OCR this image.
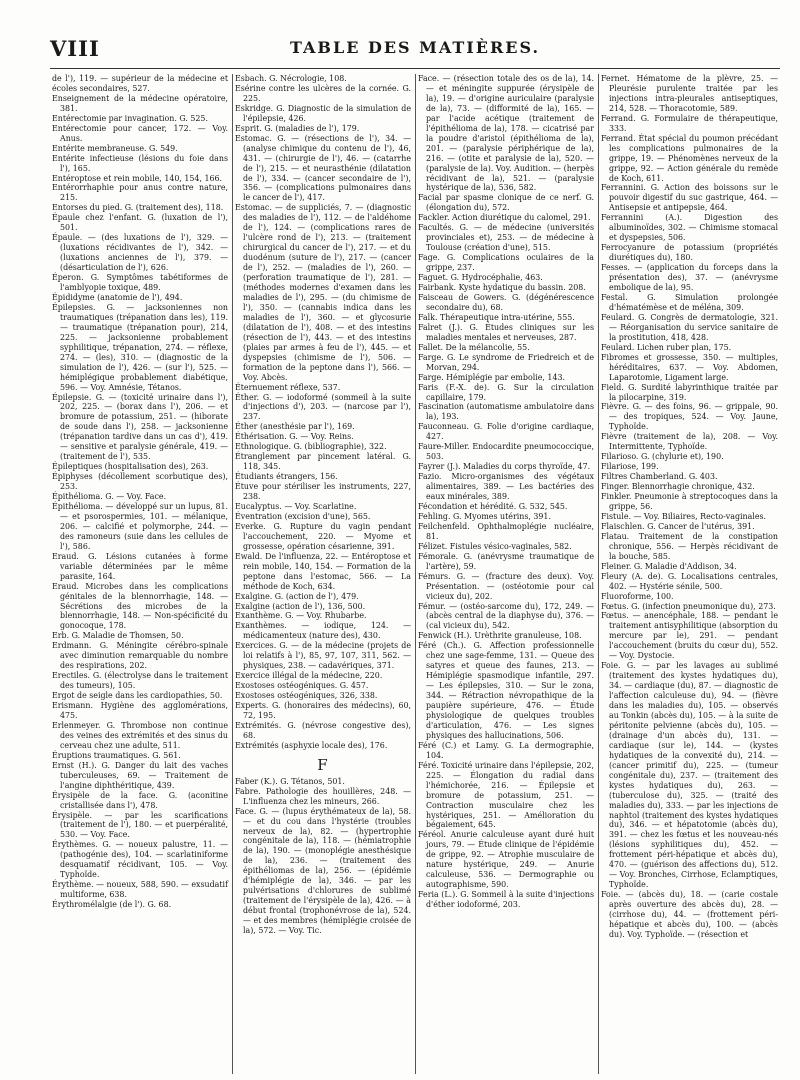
VIII	TABLE DES MATIÈRES.

de l'), 119. — supérieur de la médecine et écoles secondaires, 527.

Enseignement de la médecine opératoire, 381.

Entérectomie par invagination. G. 525.

Entérectomie pour cancer, 172. — Voy. Anus.

Entérite membraneuse. G. 549.

Entérite infectieuse (lésions du foie dans l'), 165.

Entéroptose et rein mobile, 140, 154, 166.

Entérorrhaphie pour anus contre nature, 215.

Entorses du pied. G. (traitement des), 118.

Épaule chez l'enfant. G. (luxation de l'), 501.

Épaule. — (des luxations de l'), 329. — (luxations récidivantes de l'), 342. — (luxations anciennes de l'), 379. — (désarticulation de l'), 626.

Éperon. G. Symptômes tabétiformes de l'amblyopie toxique, 489.

Épididyme (anatomie de l'), 494.

Épilepsies. G. — jacksoniennes non traumatiques (trépanation dans les), 119. — traumatique (trépanation pour), 214, 225. — jacksonienne probablement syphilitique, trépanation, 274. — réflexe, 274. — (les), 310. — (diagnostic de la simulation de l'), 426. — (sur l'), 525. — hémiplégique probablement diabétique, 596. — Voy. Amnésie, Tétanos.

Épilepsie. G. — (toxicité urinaire dans l'), 202, 225. — (borax dans l'), 206. — et bromure de potassium, 251. — (hiborate de soude dans l'), 258. — jacksonienne (trépanation tardive dans un cas d'), 419. — sensitive et paralysie générale, 419. — (traitement de l'), 535.

Épileptiques (hospitalisation des), 263.

Épiphyses (décollement scorbutique des), 253.

Épithélioma. G. — Voy. Face.

Épithélioma. — développé sur un lupus, 81. — et psorospermies, 101. — mélanique, 206. — calcifié et polymorphe, 244. — des ramoneurs (suie dans les cellules de l'), 586.

Eraud. G. Lésions cutanées à forme variable déterminées par le même parasite, 164.

Eraud. Microbes dans les complications génitales de la blennorrhagie, 148. — Sécrétions des microbes de la blennorrhagie, 148. — Non-spécificité du gonocoque, 178.

Erb. G. Maladie de Thomsen, 50.

Erdmann. G. Méningite cérébro-spinale avec diminution remarquable du nombre des respirations, 202.

Erectiles. G. (électrolyse dans le traitement des tumeurs), 105.

Ergot de seigle dans les cardiopathies, 50.

Erismann. Hygiène des agglomérations, 475.

Erlenmeyer. G. Thrombose non continue des veines des extrémités et des sinus du cerveau chez une adulte, 511.

Éruptions traumatiques. G. 561.

Ernst (H.). G. Danger du lait des vaches tuberculeuses, 69. — Traitement de l'angine diphthéritique, 439.

Érysipèle de la face. G. (aconitine cristallisée dans l'), 478.

Érysipèle. — par les scarifications (traitement de l'), 180. — et puerpéralité, 530. — Voy. Face.

Érythèmes. G. — noueux palustre, 11. — (pathogénie des), 104. — scarlatiniforme desquamatif récidivant, 105. — Voy. Typhoïde.

Érythème. — noueux, 588, 590. — exsudatif multiforme, 638.

Érythromélalgie (de l'). G. 68.

Esbach. G. Nécrologie, 108.

Esérine contre les ulcères de la cornée. G. 225.

Eskridge. G. Diagnostic de la simulation de l'épilepsie, 426.

Esprit. G. (maladies de l'), 179.

Estomac. G. — (résections de l'), 34. — (analyse chimique du contenu de l'), 46, 431. — (chirurgie de l'), 46. — (catarrhe de l'), 215. — et neurasthénie (dilatation de l'), 334. — (cancer secondaire de l'), 356. — (complications pulmonaires dans le cancer de l'), 417.

Estomac. — de suppliciés, 7. — (diagnostic des maladies de l'), 112. — de l'aldéhome de l'), 124. — (complications rares de l'ulcère rond de l'), 213. — (traitement chirurgical du cancer de l'), 217. — et du duodénum (suture de l'), 217. — (cancer de l'), 252. — (maladies de l'), 260. — (perforation traumatique de l'), 281. — (méthodes modernes d'examen dans les maladies de l'), 295. — (du chimisme de l'), 350. — (cannabis indica dans les maladies de l'), 360. — et glycosurie (dilatation de l'), 408. — et des intestins (résection de l'), 443. — et des intestins (plaies par armes à feu de l'), 445. — et dyspepsies (chimisme de l'), 506. — formation de la peptone dans l'), 566. — Voy. Abcès.

Éternuement réflexe, 537.

Éther. G. — iodoformé (sommeil à la suite d'injections d'), 203. — (narcose par l'), 237.

Éther (anesthésie par l'), 169.

Éthérisation. G. — Voy. Reins.

Ethnologique. G. (bibliographie), 322.

Étranglement par pincement latéral. G. 118, 345.

Étudiants étrangers, 156.

Étuve pour stériliser les instruments, 227, 238.

Eucalyptus. — Voy. Scarlatine.

Éventration (excision d'une), 565.

Everke. G. Rupture du vagin pendant l'accouchement, 220. — Myome et grossesse, opération césarienne, 391.

Ewald. De l'influenza, 22. — Entéroptose et rein mobile, 140, 154. — Formation de la peptone dans l'estomac, 566. — La méthode de Koch, 634.

Exalgine. G. (action de l'), 479.

Exalgine (action de l'), 136, 500.

Exanthème. G. — Voy. Rhubarbe.

Exanthèmes. — iodique, 124. — médicamenteux (nature des), 430.

Exercices. G. — de la médecine (projets de loi relatifs à l'), 85, 97, 107, 311, 562. — physiques, 238. — cadavériques, 371.

Exercice illégal de la médecine, 220.

Exostoses ostéogéniques. G. 457.

Exostoses ostéogéniques, 326, 338.

Experts. G. (honoraires des médecins), 60, 72, 195.

Extrémités. G. (névrose congestive des), 68.

Extrémités (asphyxie locale des), 176.

F

Faber (K.). G. Tétanos, 501.

Fabre. Pathologie des houillères, 248. — L'influenza chez les mineurs, 266.

Face. G. — (lupus érythémateux de la), 58. — et du cou dans l'hystérie (troubles nerveux de la), 82. — (hypertrophie congénitale de la), 118. — (hémiatrophie de la), 190. — (monoplégie anesthésique de la), 236. — (traitement des épithéliomas de la), 256. — (épidémie d'hémiplégie de la), 346. — par les pulvérisations d'chlorures de sublimé (traitement de l'érysipèle de la), 426. — à début frontal (trophonévrose de la), 524. — et des membres (hémiplégie croisée de la), 572. — Voy. Tic.

Face. — (résection totale des os de la), 14. — et méningite suppurée (érysipèle de la), 19. — d'origine auriculaire (paralysie de la), 73. — (difformité de la), 165. — par l'acide acétique (traitement de l'épithélioma de la), 178. — cicatrisé par la poudre d'aristol (épithélioma de la), 201. — (paralysie périphérique de la), 216. — (otite et paralysie de la), 520. — (paralysie de la). Voy. Audition. — (herpès récidivant de la), 521. — (paralysie hystérique de la), 536, 582.

Facial par spasme clonique de ce nerf. G. (élongation du), 572.

Fackler. Action diurétique du calomel, 291.

Facultés. G. — de médecine (universités provinciales et), 253. — de médecine à Toulouse (création d'une), 515.

Fage. G. Complications oculaires de la grippe, 237.

Faguet. G. Hydrocéphalie, 463.

Fairbank. Kyste hydatique du bassin. 208.

Faisceau de Gowers. G. (dégénérescence secondaire du), 68.

Falk. Thérapeutique intra-utérine, 555.

Falret (J.). G. Études cliniques sur les maladies mentales et nerveuses, 287.

Fallet. De la mélancolie, 55.

Farge. G. Le syndrome de Friedreich et de Morvan, 294.

Farge. Hémiplégie par embolie, 143.

Faris (F.-X. de). G. Sur la circulation capillaire, 179.

Fascination (automatisme ambulatoire dans la), 193.

Fauconneau. G. Folie d'origine cardiaque, 427.

Faure-Miller. Endocardite pneumococcique, 503.

Fayrer (J.). Maladies du corps thyroïde, 47.

Fazio. Micro-organismes des végétaux alimentaires, 389. — Les bactéries des eaux minérales, 389.

Fécondation et hérédité. G. 532, 545.

Fehling. G. Myomes utérins, 391.

Feilchenfeld. Ophthalmoplégie nucléaire, 81.

Félizet. Fistules vésico-vaginales, 582.

Fémorale. G. (anévrysme traumatique de l'artère), 59.

Fémurs. G. — (fracture des deux). Voy. Présentation. — (ostéotomie pour cal vicieux du), 202.

Fémur. — (ostéo-sarcome du), 172, 249. — (abcès central de la diaphyse du), 376. — (cal vicieux du), 542.

Fenwick (H.). Urèthrite granuleuse, 108.

Féré (Ch.). G. Affection professionnelle chez une sage-femme, 131. — Queue des satyres et queue des faunes, 213. — Hémiplégie spasmodique infantile, 297. — Les épilepsies, 310. — Sur le zona, 344. — Rétraction névropathique de la paupière supérieure, 476. — Étude physiologique de quelques troubles d'articulation, 476. — Les signes physiques des hallucinations, 506.

Féré (C.) et Lamy. G. La dermographie, 104.

Féré. Toxicité urinaire dans l'épilepsie, 202, 225. — Élongation du radial dans l'hémichorée, 216. — Épilepsie et bromure de potassium, 251. — Contraction musculaire chez les hystériques, 251. — Amélioration du bégaiement, 645.

Féréol. Anurie calculeuse ayant duré huit jours, 79. — Étude clinique de l'épidémie de grippe, 92. — Atrophie musculaire de nature hystérique, 249. — Anurie calculeuse, 536. — Dermographie ou autographisme, 590.

Feria (L.). G. Sommeil à la suite d'injections d'éther iodoformé, 203.

Fernet. Hématome de la plèvre, 25. — Pleurésie purulente traitée par les injections intra-pleurales antiseptiques, 214, 528. — Thoracotomie, 589.

Ferrand. G. Formulaire de thérapeutique, 333.

Ferrand. État spécial du poumon précédant les complications pulmonaires de la grippe, 19. — Phénomènes nerveux de la grippe, 92. — Action générale du remède de Koch, 611.

Ferrannini. G. Action des boissons sur le pouvoir digestif du suc gastrique, 464. — Antisepsie et antipepsie, 464.

Ferrannini (A.). Digestion des albuminoïdes, 302. — Chimisme stomacal et dyspepsies, 506.

Ferrocyanure de potassium (propriétés diurétiques du), 180.

Fesses. — (application du forceps dans la présentation des), 37. — (anévrysme embolique de la), 95.

Festal. G. Simulation prolongée d'hématémèse et de méléna, 309.

Feulard. G. Congrès de dermatologie, 321. — Réorganisation du service sanitaire de la prostitution, 418, 428.

Feulard. Lichen ruber plan, 175.

Fibromes et grossesse, 350. — multiples, héréditaires, 637. — Voy. Abdomen, Laparotomie, Ligament large.

Field. G. Surdité labyrinthique traitée par la pilocarpine, 319.

Fièvre. G. — des foins, 96. — grippale, 90. — des tropiques, 524. — Voy. Jaune, Typhoïde.

Fièvre (traitement de la), 208. — Voy. Intermittente, Typhoïde.

Filarioso. G. (chylurie et), 190.

Filariose, 199.

Filtres Chamberland. G. 403.

Finger. Blennorrhagie chronique, 432.

Finkler. Pneumonie à streptocoques dans la grippe, 56.

Fistule. — Voy. Biliaires, Recto-vaginales.

Flaischlen. G. Cancer de l'utérus, 391.

Flatau. Traitement de la constipation chronique, 556. — Herpès récidivant de la bouche, 585.

Fleiner. G. Maladie d'Addison, 34.

Fleury (A. de). G. Localisations centrales, 402. — Hystérie sénile, 500.

Fluoroforme, 100.

Fœtus. G. (infection pneumonique du), 273.

Fœtus. — anencéphale, 188. — pendant le traitement antisyphilitique (absorption du mercure par le), 291. — pendant l'accouchement (bruits du cœur du), 552. — Voy. Dystocie.

Foie. G. — par les lavages au sublimé (traitement des kystes hydatiques du), 34. — cardiaque (du), 87. — diagnostic de l'affection calculeuse du), 94. — (fièvre dans les maladies du), 105. — observés au Tonkin (abcès du), 105. — à la suite de péritonite pelvienne (abcès du), 105. — (drainage d'un abcès du), 131. — cardiaque (sur le), 144. — (kystes hydatiques de la convexité du), 214. — (cancer primitif du), 225. — (tumeur congénitale du), 237. — (traitement des kystes hydatiques du), 263. — (tuberculose du), 325. — (traité des maladies du), 333. — par les injections de naphtol (traitement des kystes hydatiques du), 346. — et hépatotomie (abcès du), 391. — chez les fœtus et les nouveau-nés (lésions syphilitiques du), 452. — frottement péri-hépatique et abcès du), 470. — (guérison des affections du), 512. — Voy. Bronches, Cirrhose, Eclamptiques, Typhoïde.

Foie. — (abcès du), 18. — (carie costale après ouverture des abcès du), 28. — (cirrhose du), 44. — (frottement péri-hépatique et abcès du), 100. — (abcès du). Voy. Typhoïde. — (résection et
